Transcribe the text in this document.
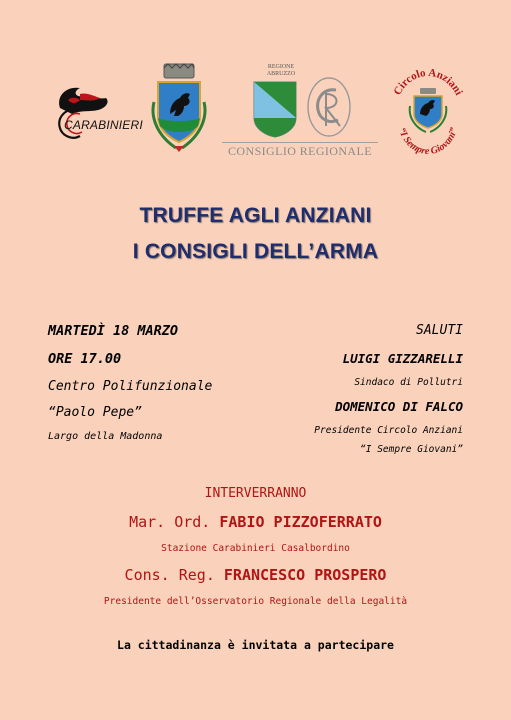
CARABINIERI
REGIONE ABRUZZO
CONSIGLIO REGIONALE
Circolo Anziani
“I Sempre Giovani”
TRUFFE AGLI ANZIANI
I CONSIGLI DELL’ARMA
MARTEDÌ 18 MARZO
ORE 17.00
Centro Polifunzionale
“Paolo Pepe”
Largo della Madonna
SALUTI
LUIGI GIZZARELLI
Sindaco di Pollutri
DOMENICO DI FALCO
Presidente Circolo Anziani
“I Sempre Giovani”
INTERVERRANNO
Mar. Ord. FABIO PIZZOFERRATO
Stazione Carabinieri Casalbordino
Cons. Reg. FRANCESCO PROSPERO
Presidente dell’Osservatorio Regionale della Legalità
La cittadinanza è invitata a partecipare
